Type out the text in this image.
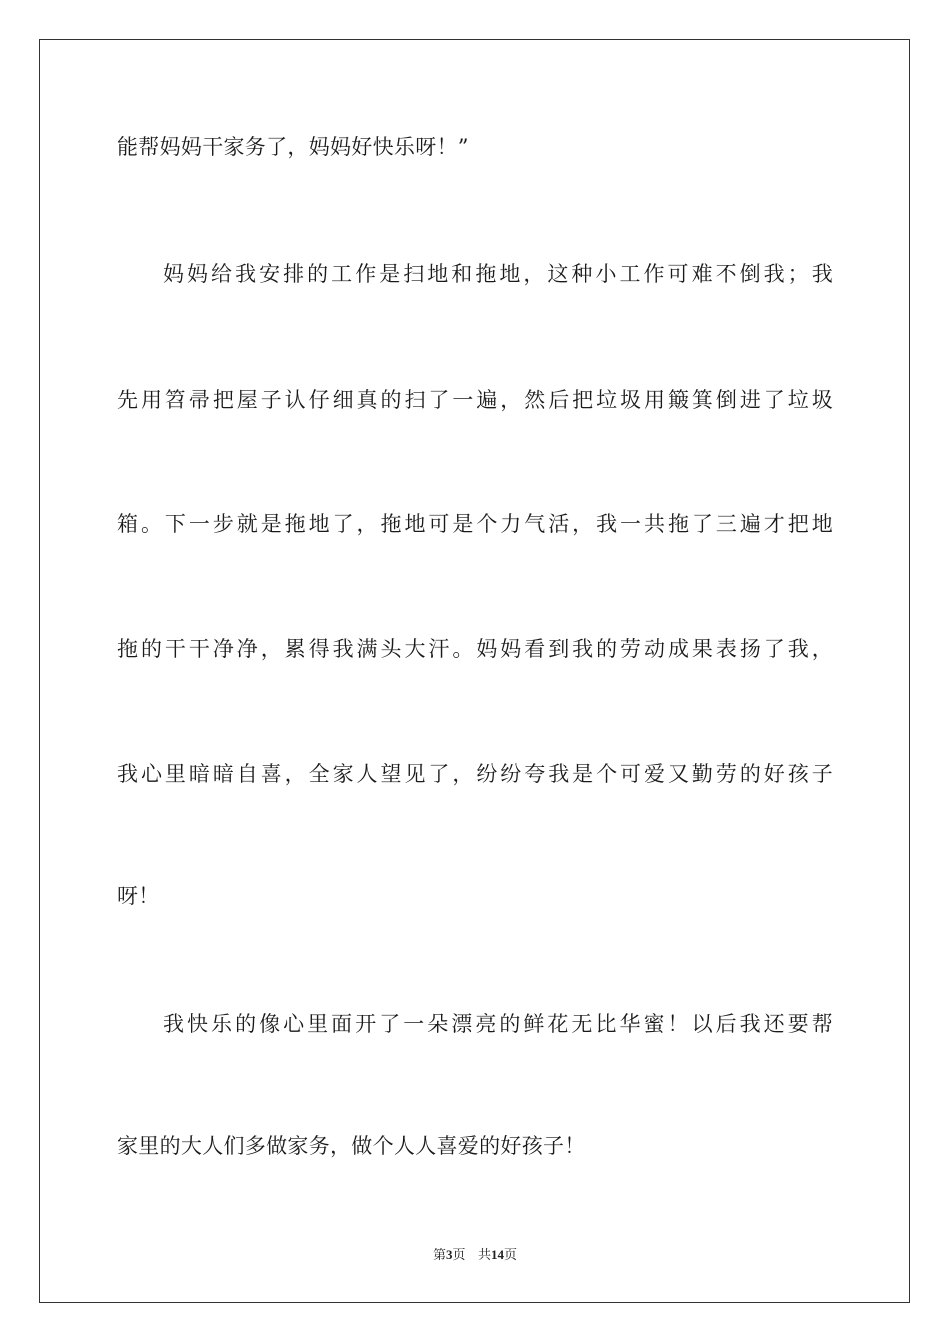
能帮妈妈干家务了，妈妈好快乐呀！”
妈妈给我安排的工作是扫地和拖地，这种小工作可难不倒我；我
先用笤帚把屋子认仔细真的扫了一遍，然后把垃圾用簸箕倒进了垃圾
箱。下一步就是拖地了，拖地可是个力气活，我一共拖了三遍才把地
拖的干干净净，累得我满头大汗。妈妈看到我的劳动成果表扬了我，
我心里暗暗自喜，全家人望见了，纷纷夸我是个可爱又勤劳的好孩子
呀！
我快乐的像心里面开了一朵漂亮的鲜花无比华蜜！以后我还要帮
家里的大人们多做家务，做个人人喜爱的好孩子！
第3页 共14页
